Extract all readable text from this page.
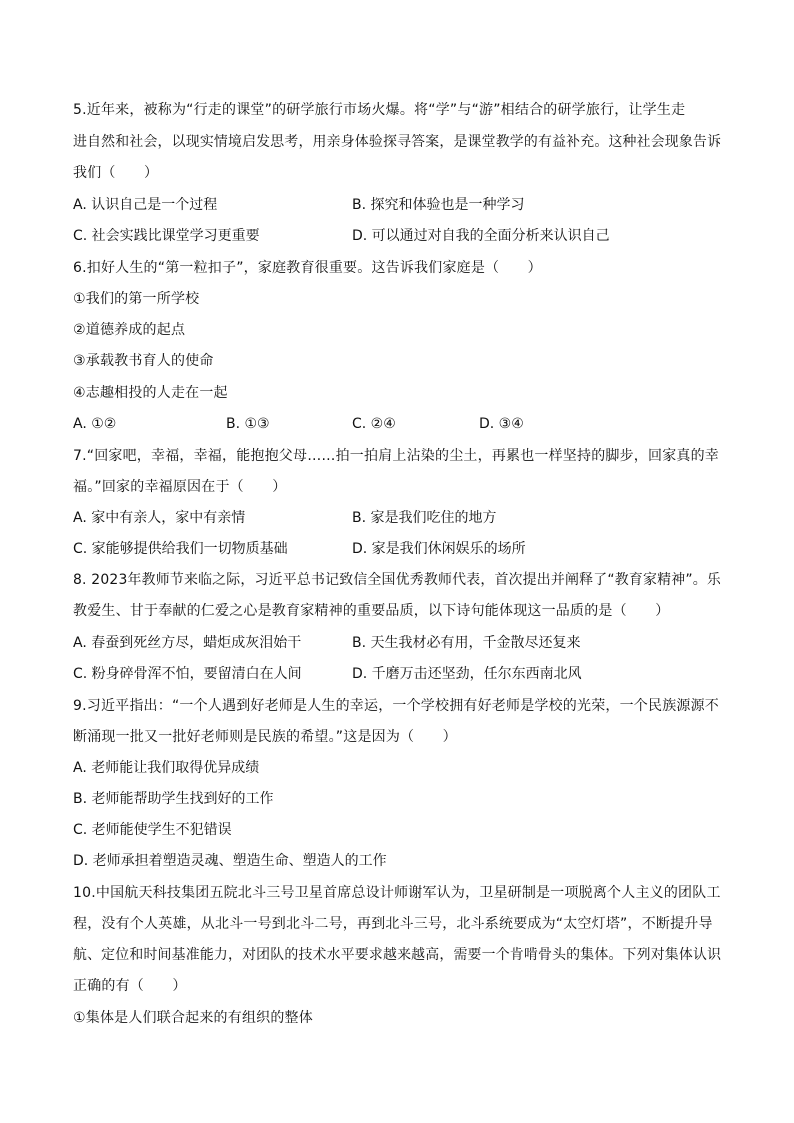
5.近年来，被称为“行走的课堂”的研学旅行市场火爆。将“学”与“游”相结合的研学旅行，让学生走
进自然和社会，以现实情境启发思考，用亲身体验探寻答案，是课堂教学的有益补充。这种社会现象告诉
我们（　　）
A. 认识自己是一个过程	B. 探究和体验也是一种学习
C. 社会实践比课堂学习更重要	D. 可以通过对自我的全面分析来认识自己
6.扣好人生的“第一粒扣子”，家庭教育很重要。这告诉我们家庭是（　　）
①我们的第一所学校
②道德养成的起点
③承载教书育人的使命
④志趣相投的人走在一起
A. ①②	B. ①③	C. ②④	D. ③④
7.“回家吧，幸福，幸福，能抱抱父母……拍一拍肩上沾染的尘土，再累也一样坚持的脚步，回家真的幸
福。”回家的幸福原因在于（　　）
A. 家中有亲人，家中有亲情	B. 家是我们吃住的地方
C. 家能够提供给我们一切物质基础	D. 家是我们休闲娱乐的场所
8. 2023年教师节来临之际，习近平总书记致信全国优秀教师代表，首次提出并阐释了“教育家精神”。乐
教爱生、甘于奉献的仁爱之心是教育家精神的重要品质，以下诗句能体现这一品质的是（　　）
A. 春蚕到死丝方尽，蜡炬成灰泪始干	B. 天生我材必有用，千金散尽还复来
C. 粉身碎骨浑不怕，要留清白在人间	D. 千磨万击还坚劲，任尔东西南北风
9.习近平指出：“一个人遇到好老师是人生的幸运，一个学校拥有好老师是学校的光荣，一个民族源源不
断涌现一批又一批好老师则是民族的希望。”这是因为（　　）
A. 老师能让我们取得优异成绩
B. 老师能帮助学生找到好的工作
C. 老师能使学生不犯错误
D. 老师承担着塑造灵魂、塑造生命、塑造人的工作
10.中国航天科技集团五院北斗三号卫星首席总设计师谢军认为，卫星研制是一项脱离个人主义的团队工
程，没有个人英雄，从北斗一号到北斗二号，再到北斗三号，北斗系统要成为“太空灯塔”，不断提升导
航、定位和时间基准能力，对团队的技术水平要求越来越高，需要一个肯啃骨头的集体。下列对集体认识
正确的有（　　）
①集体是人们联合起来的有组织的整体
